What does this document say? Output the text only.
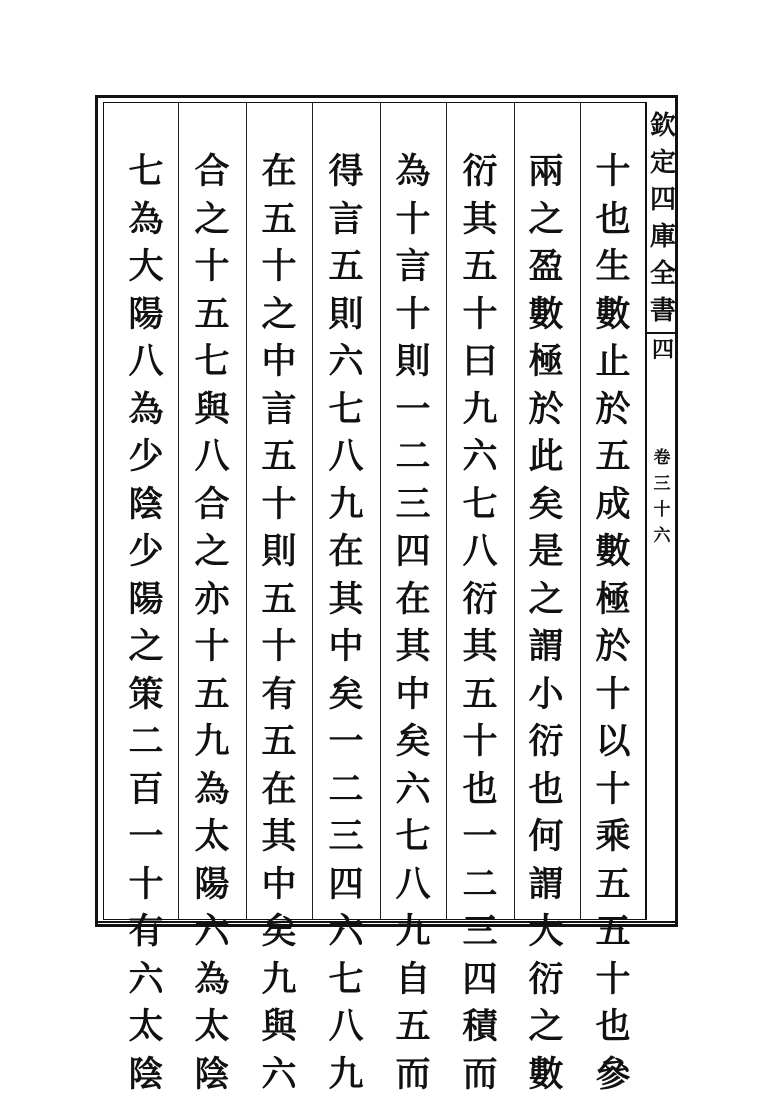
十
也
生
數
止
於
五
成
數
極
於
十
以
十
乘
五
五
十
也
參
兩
之
盈
數
極
於
此
矣
是
之
謂
小
衍
也
何
謂
大
衍
之
數
衍
其
五
十
曰
九
六
七
八
衍
其
五
十
也
一
二
三
四
積
而
為
十
言
十
則
一
二
三
四
在
其
中
矣
六
七
八
九
自
五
而
得
言
五
則
六
七
八
九
在
其
中
矣
一
二
三
四
六
七
八
九
在
五
十
之
中
言
五
十
則
五
十
有
五
在
其
中
矣
九
與
六
合
之
十
五
七
與
八
合
之
亦
十
五
九
為
太
陽
六
為
太
陰
七
為
大
陽
八
為
少
陰
少
陽
之
策
二
百
一
十
有
六
太
陰
欽
定
四
庫
全
書
四
卷
三
十
六
